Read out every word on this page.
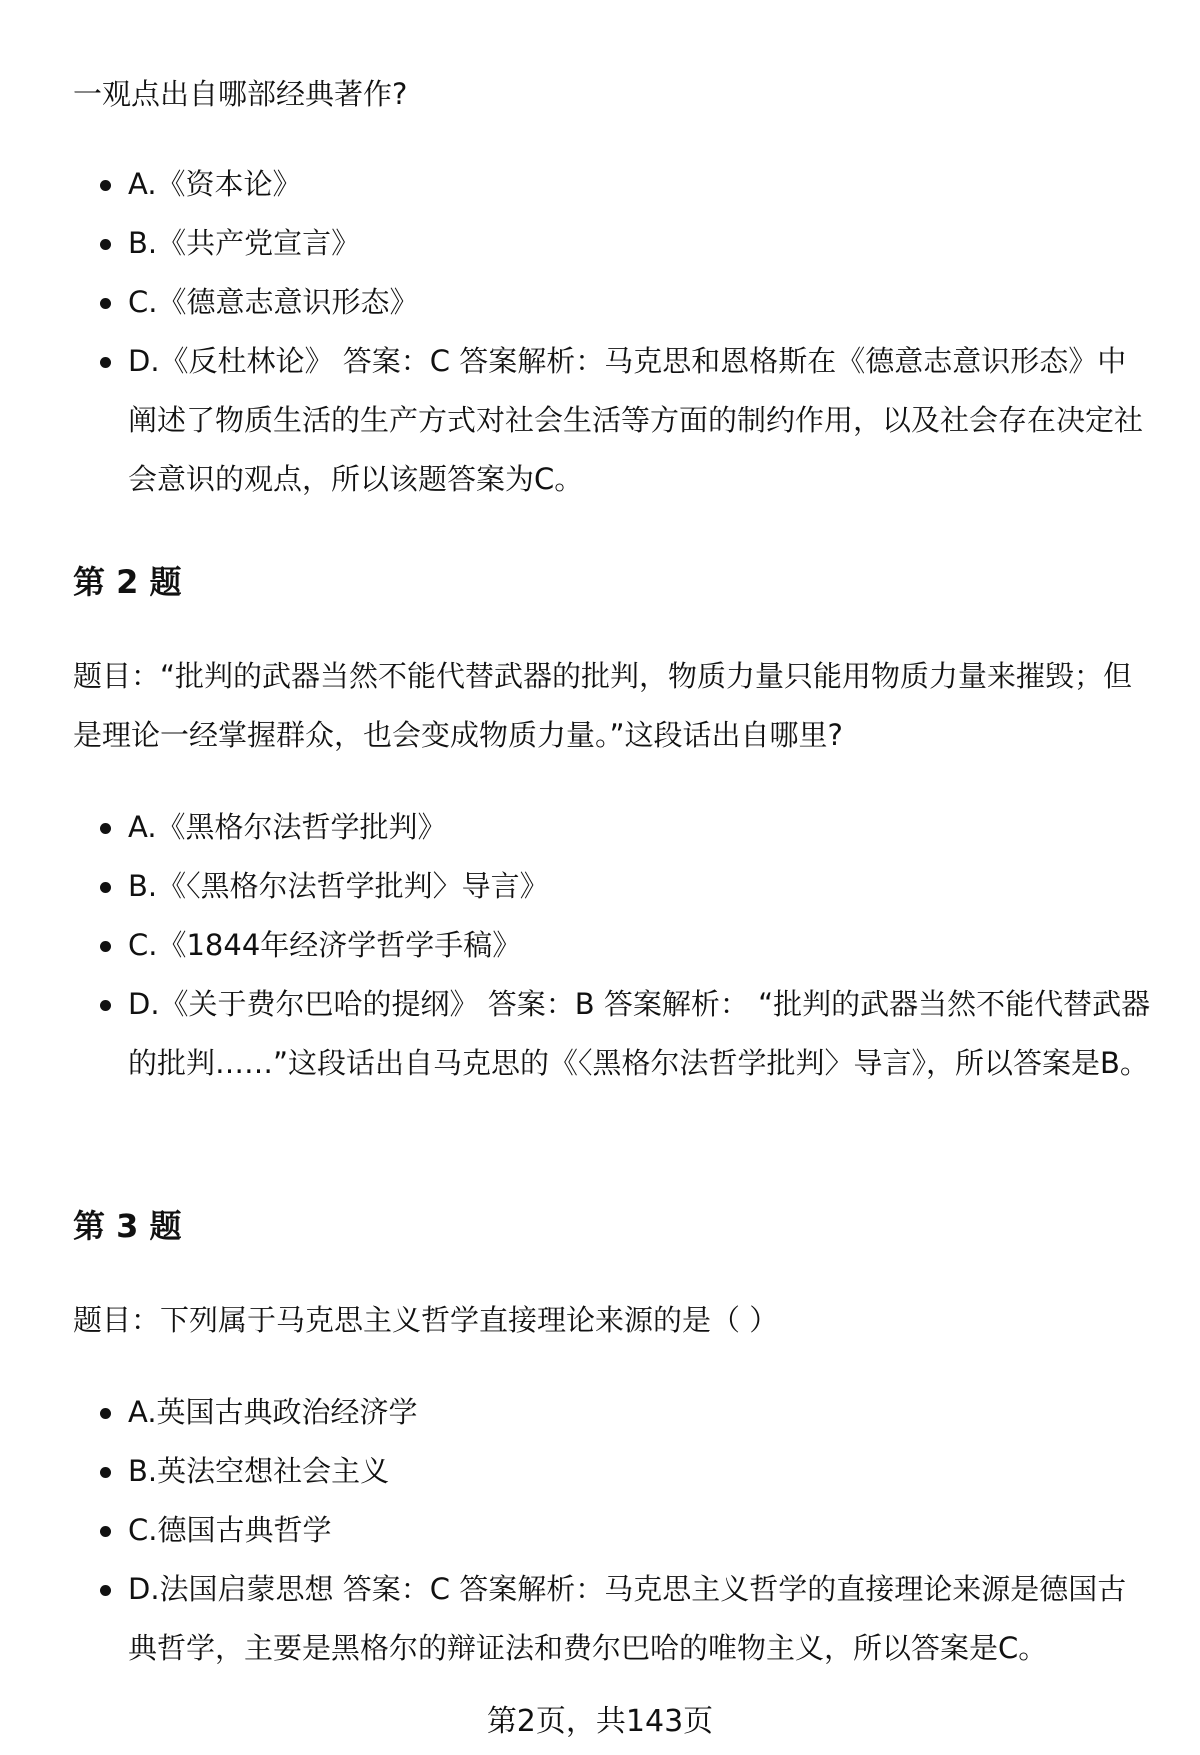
一观点出自哪部经典著作?

A.《资本论》
B.《共产党宣言》
C.《德意志意识形态》
D.《反杜林论》 答案：C 答案解析：马克思和恩格斯在《德意志意识形态》中阐述了物质生活的生产方式对社会生活等方面的制约作用，以及社会存在决定社会意识的观点，所以该题答案为C。
第 2 题

题目：“批判的武器当然不能代替武器的批判，物质力量只能用物质力量来摧毁；但是理论一经掌握群众，也会变成物质力量。”这段话出自哪里?

A.《黑格尔法哲学批判》
B.《〈黑格尔法哲学批判〉导言》
C.《1844年经济学哲学手稿》
D.《关于费尔巴哈的提纲》 答案：B 答案解析： “批判的武器当然不能代替武器的批判……”这段话出自马克思的《〈黑格尔法哲学批判〉导言》，所以答案是B。
第 3 题

题目：下列属于马克思主义哲学直接理论来源的是（ ）

A.英国古典政治经济学
B.英法空想社会主义
C.德国古典哲学
D.法国启蒙思想 答案：C 答案解析：马克思主义哲学的直接理论来源是德国古典哲学，主要是黑格尔的辩证法和费尔巴哈的唯物主义，所以答案是C。
第2页，共143页
